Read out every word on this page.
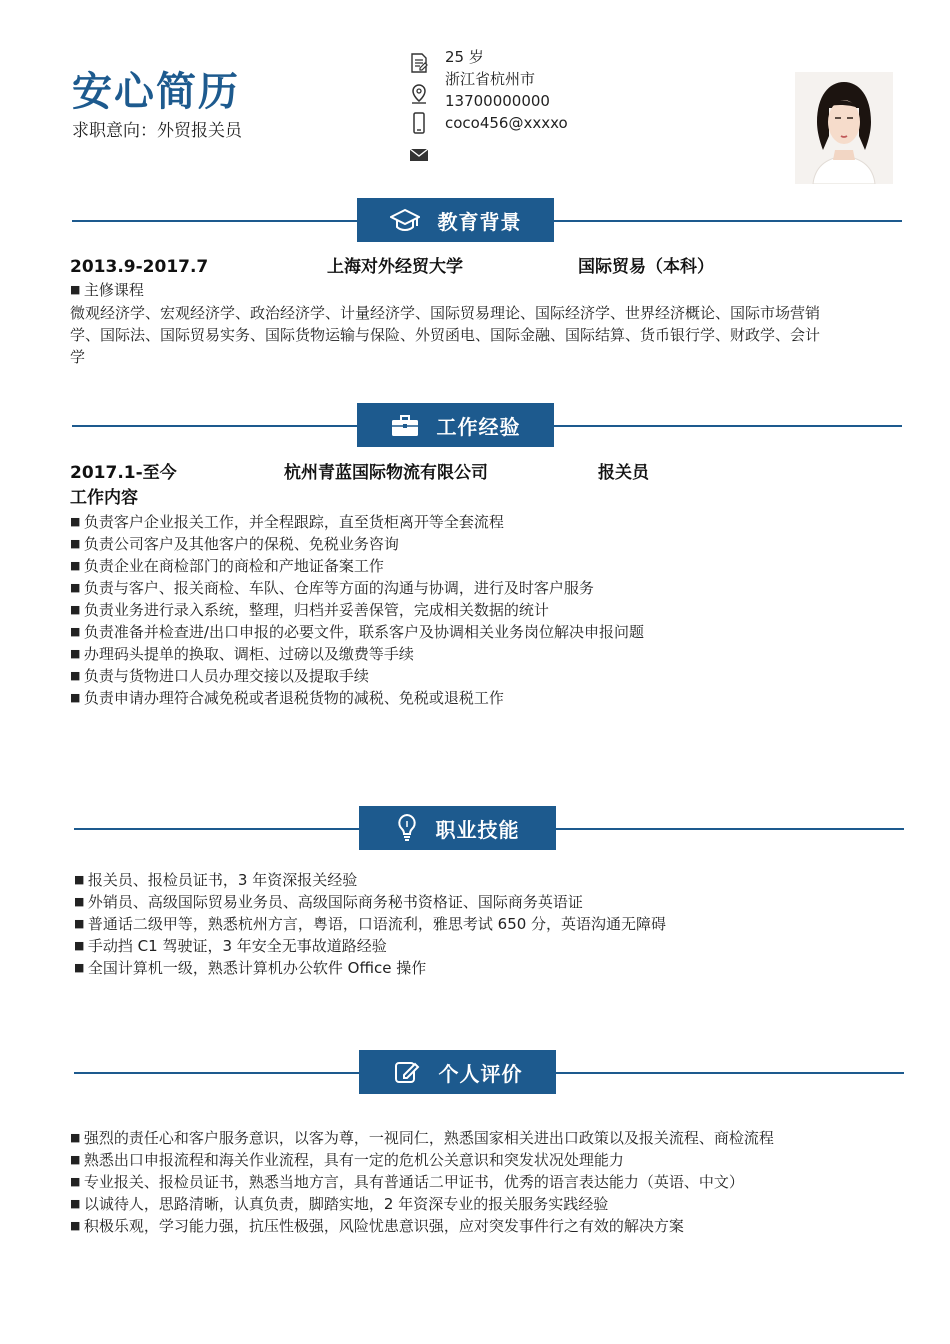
安心简历
求职意向：外贸报关员
25 岁
浙江省杭州市
13700000000
coco456@xxxxo
教育背景
2013.9-2017.7	上海对外经贸大学	国际贸易（本科）
■ 主修课程
微观经济学、宏观经济学、政治经济学、计量经济学、国际贸易理论、国际经济学、世界经济概论、国际市场营销
学、国际法、国际贸易实务、国际货物运输与保险、外贸函电、国际金融、国际结算、货币银行学、财政学、会计
学
工作经验
2017.1-至今	杭州青蓝国际物流有限公司	报关员
工作内容
■ 负责客户企业报关工作，并全程跟踪，直至货柜离开等全套流程
■ 负责公司客户及其他客户的保税、免税业务咨询
■ 负责企业在商检部门的商检和产地证备案工作
■ 负责与客户、报关商检、车队、仓库等方面的沟通与协调，进行及时客户服务
■ 负责业务进行录入系统，整理，归档并妥善保管，完成相关数据的统计
■ 负责准备并检查进/出口申报的必要文件，联系客户及协调相关业务岗位解决申报问题
■ 办理码头提单的换取、调柜、过磅以及缴费等手续
■ 负责与货物进口人员办理交接以及提取手续
■ 负责申请办理符合减免税或者退税货物的减税、免税或退税工作
职业技能
■ 报关员、报检员证书，3 年资深报关经验
■ 外销员、高级国际贸易业务员、高级国际商务秘书资格证、国际商务英语证
■ 普通话二级甲等，熟悉杭州方言，粤语，口语流利，雅思考试 650 分，英语沟通无障碍
■ 手动挡 C1 驾驶证，3 年安全无事故道路经验
■ 全国计算机一级，熟悉计算机办公软件 Office 操作
个人评价
■ 强烈的责任心和客户服务意识，以客为尊，一视同仁，熟悉国家相关进出口政策以及报关流程、商检流程
■ 熟悉出口申报流程和海关作业流程，具有一定的危机公关意识和突发状况处理能力
■ 专业报关、报检员证书，熟悉当地方言，具有普通话二甲证书，优秀的语言表达能力（英语、中文）
■ 以诚待人，思路清晰，认真负责，脚踏实地，2 年资深专业的报关服务实践经验
■ 积极乐观，学习能力强，抗压性极强，风险忧患意识强，应对突发事件行之有效的解决方案
